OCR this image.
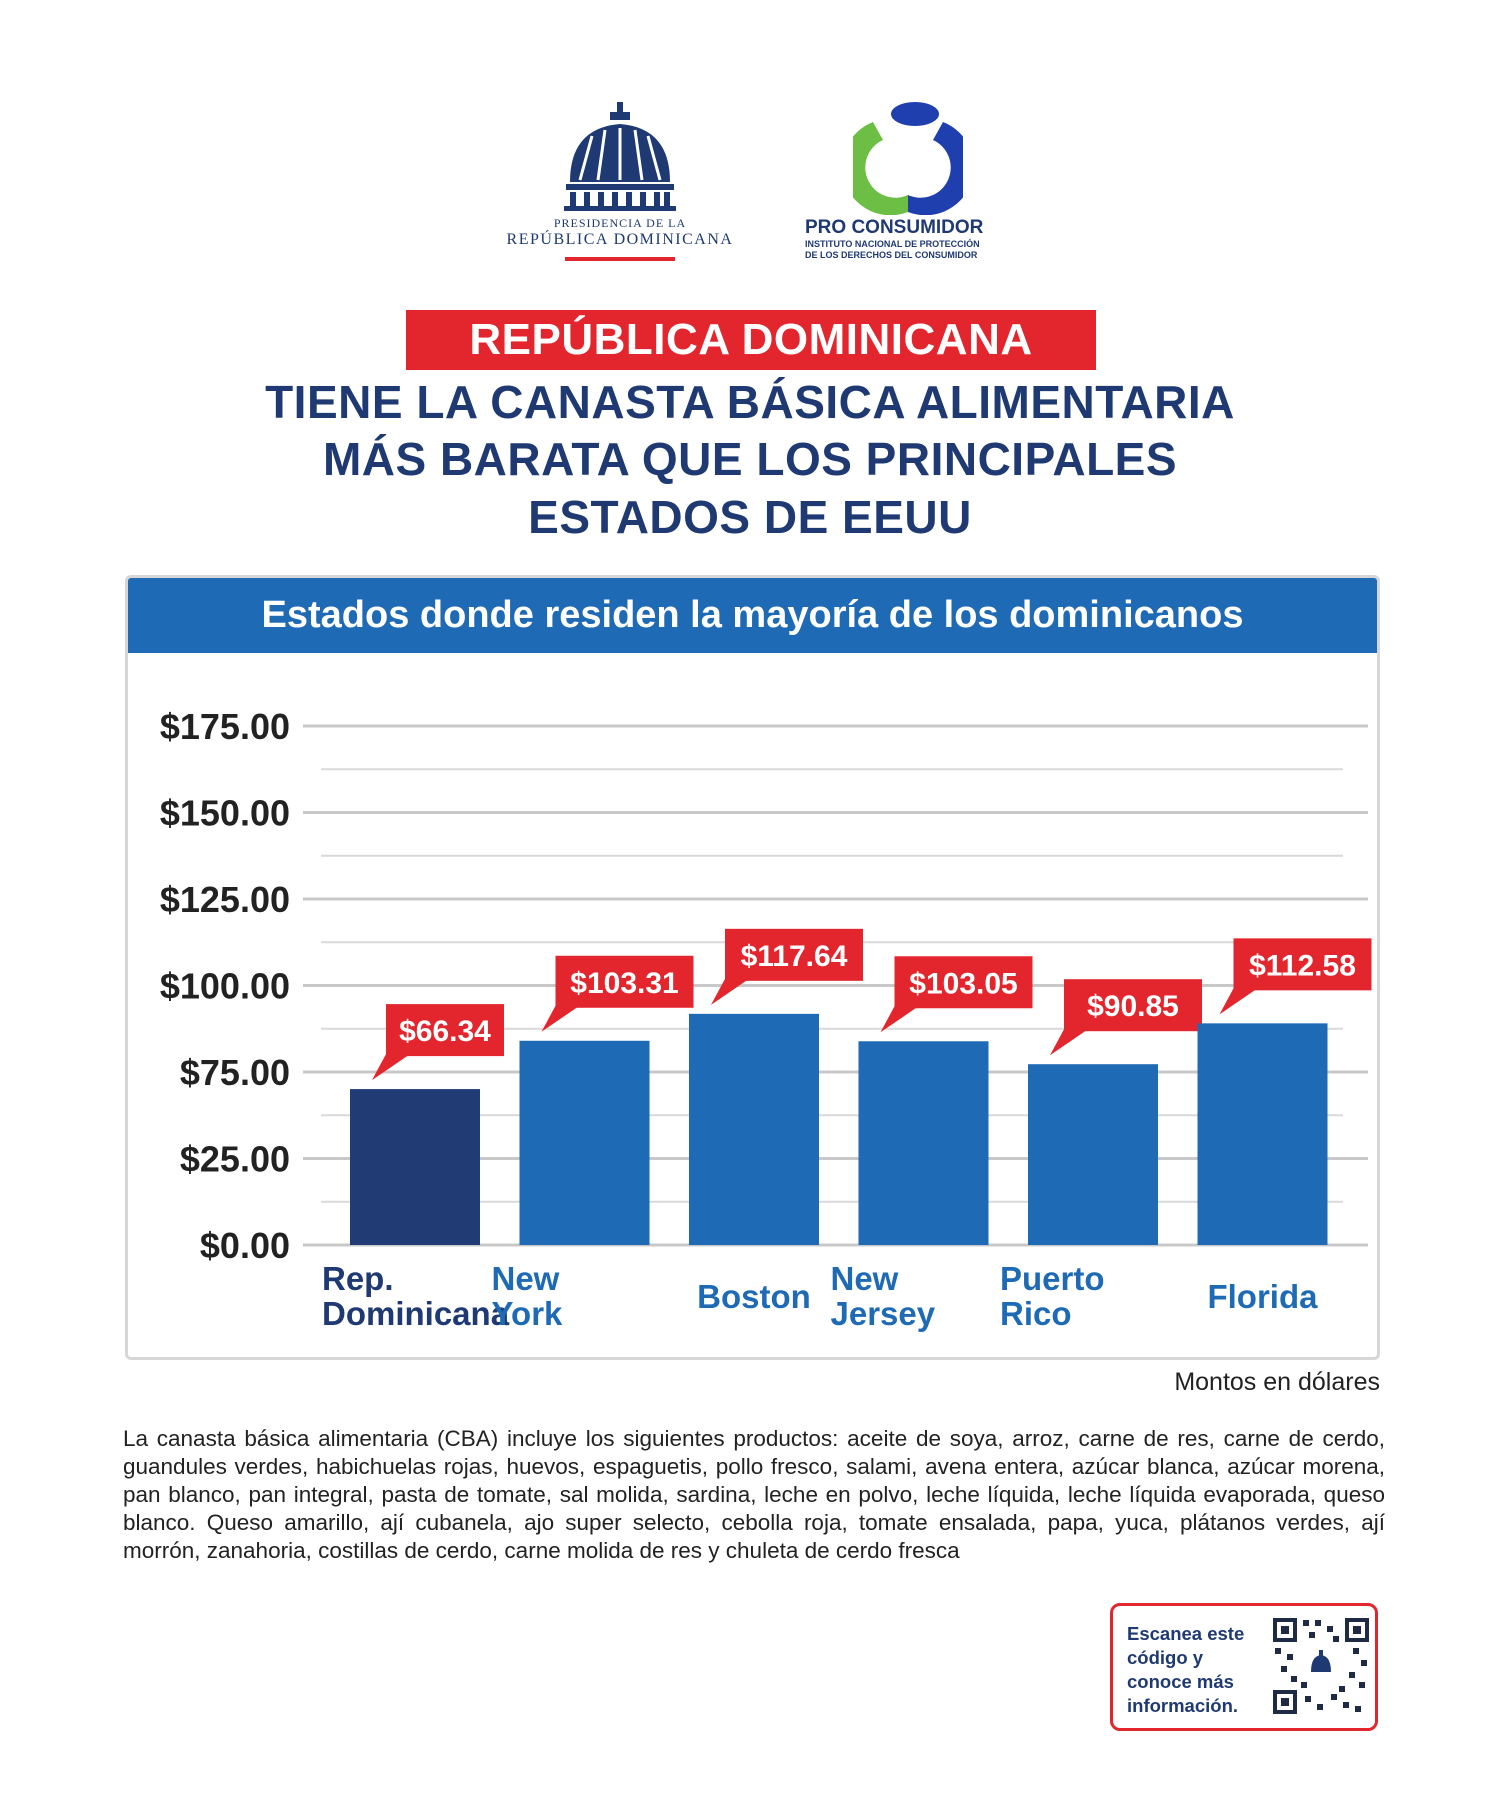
PRESIDENCIA DE LA
REPÚBLICA DOMINICANA
PRO CONSUMIDOR
INSTITUTO NACIONAL DE PROTECCIÓN
DE LOS DERECHOS DEL CONSUMIDOR
REPÚBLICA DOMINICANA
TIENE LA CANASTA BÁSICA ALIMENTARIA
MÁS BARATA QUE LOS PRINCIPALES
ESTADOS DE EEUU
Estados donde residen la mayoría de los dominicanos
$0.00
$25.00
$75.00
$100.00
$125.00
$150.00
$175.00
$66.34
Rep.
Dominicana
$103.31
New
York
$117.64
Boston
$103.05
New
Jersey
$90.85
Puerto
Rico
$112.58
Florida
Montos en dólares
La canasta básica alimentaria (CBA) incluye los siguientes productos: aceite de soya, arroz, carne de res, carne de cerdo, guandules verdes, habichuelas rojas, huevos, espaguetis, pollo fresco, salami, avena entera, azúcar blanca, azúcar morena, pan blanco, pan integral, pasta de tomate, sal molida, sardina, leche en polvo, leche líquida, leche líquida evaporada, queso blanco. Queso amarillo, ají cubanela, ajo super selecto, cebolla roja, tomate ensalada, papa, yuca, plátanos verdes, ají morrón, zanahoria, costillas de cerdo, carne molida de res y chuleta de cerdo fresca
Escanea este código y conoce más información.
